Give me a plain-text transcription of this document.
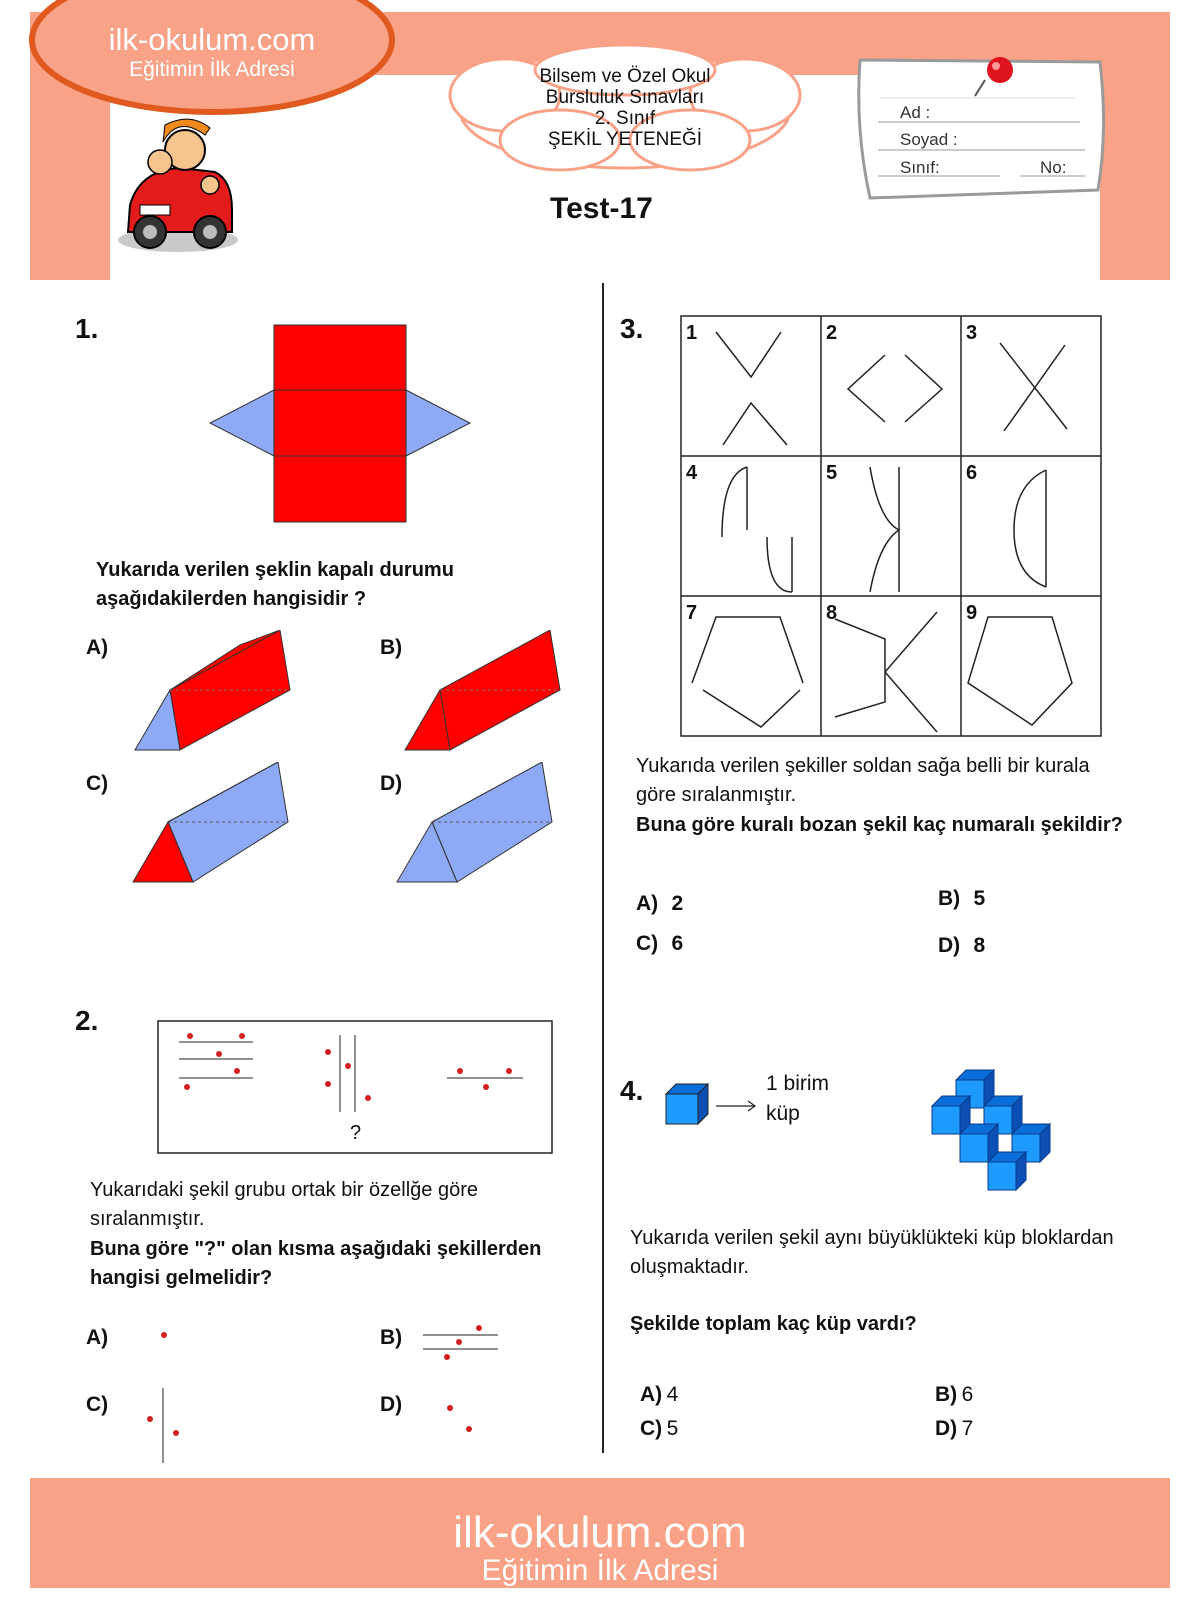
ilk-okulum.com
Eğitimin İlk Adresi	Bilsem ve Özel Okul
Bursluluk Sınavları
2. Sınıf
ŞEKİL YETENEĞİ
Test-17
Ad :
Soyad :
Sınıf:	No:
1.
Yukarıda verilen şeklin kapalı durumu aşağıdakilerden hangisidir ?
A)	B)
C)	D)
2.
?
Yukarıdaki şekil grubu ortak bir özellğe göre sıralanmıştır.
Buna göre "?" olan kısma aşağıdaki şekillerden hangisi gelmelidir?
A)	B)
C)	D)
3. 1	2	3
4	5	6
7	8	9
Yukarıda verilen şekiller soldan sağa belli bir kurala göre sıralanmıştır.
Buna göre kuralı bozan şekil kaç numaralı şekildir?
A) 2	B) 5
C) 6	D) 8
4.	1 birim
küp
Yukarıda verilen şekil aynı büyüklükteki küp bloklardan oluşmaktadır.
Şekilde toplam kaç küp vardı?
A) 4	B) 6
C) 5	D) 7
ilk-okulum.com
Eğitimin İlk Adresi
